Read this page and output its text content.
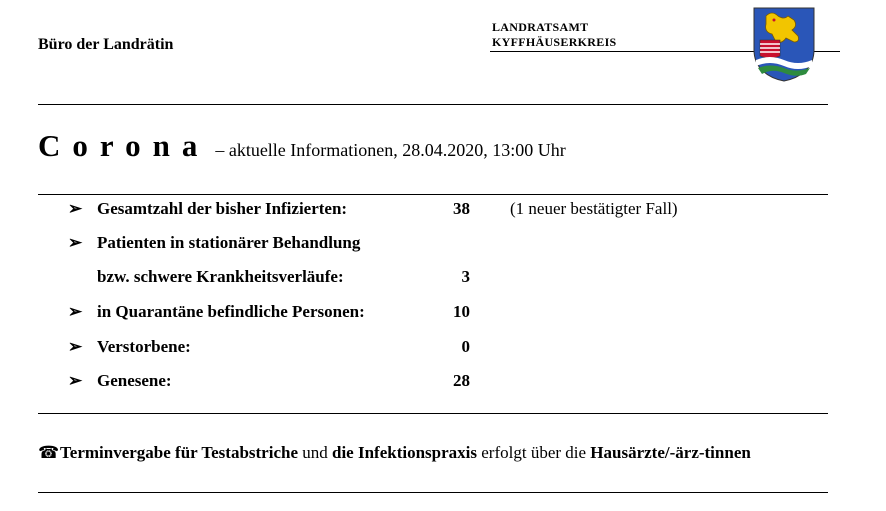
Büro der Landrätin
LANDRATSAMT
KYFFHÄUSERKREIS
Corona – aktuelle Informationen, 28.04.2020, 13:00 Uhr
➢ Gesamtzahl der bisher Infizierten:	38 (1 neuer bestätigter Fall)
➢ Patienten in stationärer Behandlung
bzw. schwere Krankheitsverläufe:	3
➢ in Quarantäne befindliche Personen:	10
➢ Verstorbene:	0
➢ Genesene:	28
☎Terminvergabe für Testabstriche und die Infektionspraxis erfolgt über die Hausärzte/-ärz-tinnen
